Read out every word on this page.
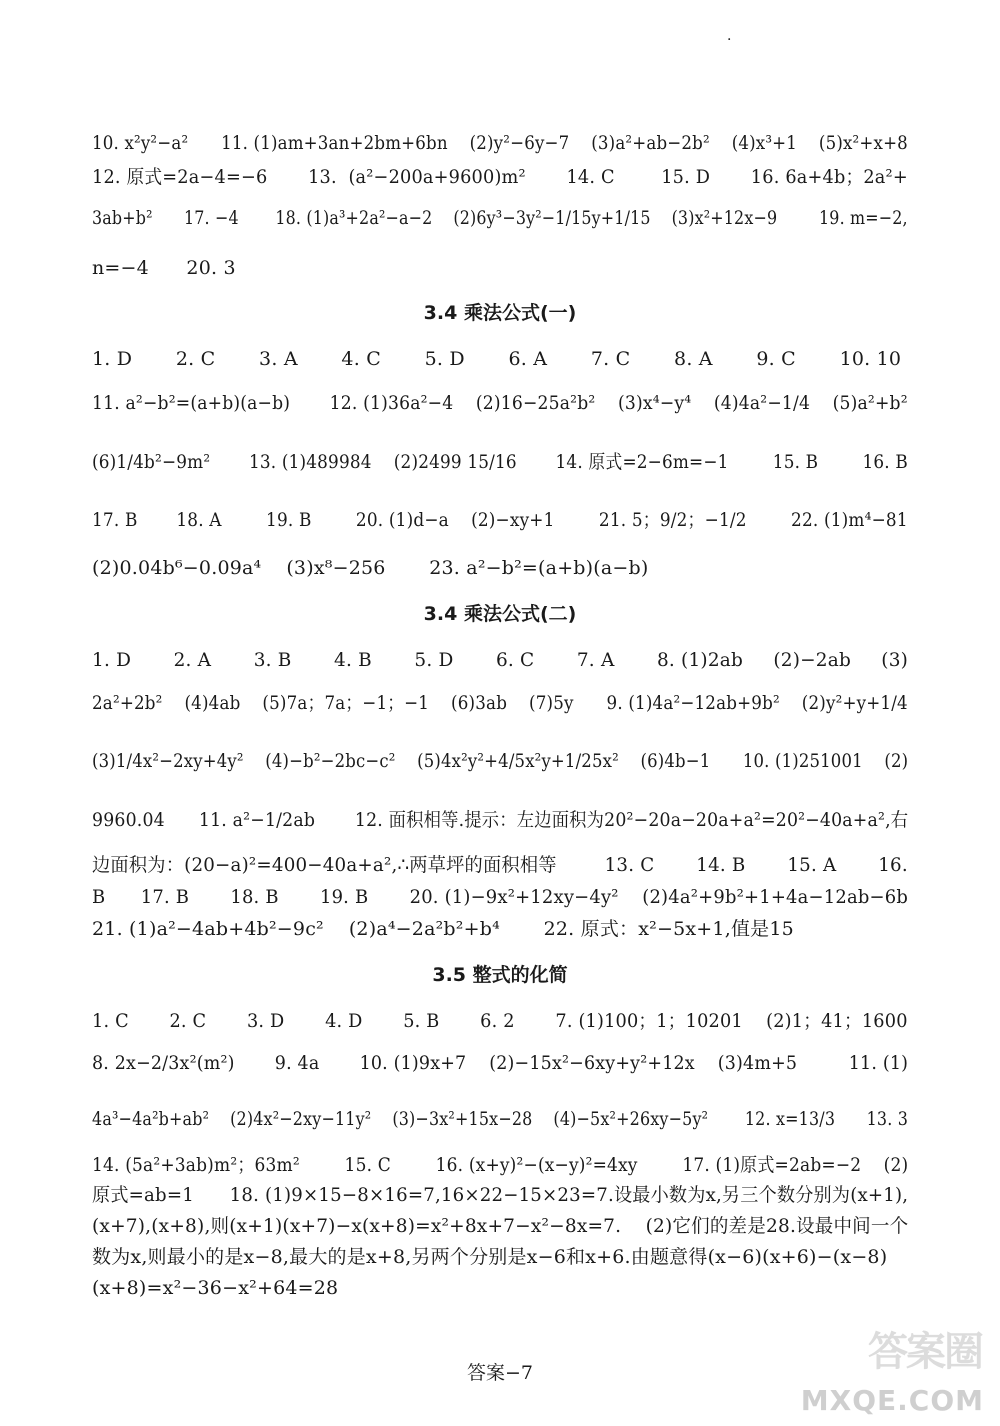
·
10. x²y²−a²      11. (1)am+3an+2bm+6bn    (2)y²−6y−7    (3)a²+ab−2b²    (4)x³+1    (5)x²+x+8
12. 原式=2a−4=−6       13.  (a²−200a+9600)m²       14. C        15. D       16. 6a+4b；2a²+
3ab+b²      17. −4       18. (1)a³+2a²−a−2    (2)6y³−3y²−1/15y+1/15    (3)x²+12x−9        19. m=−2,
n=−4      20. 3
3.4 乘法公式(一)
1. D       2. C       3. A       4. C       5. D       6. A       7. C       8. A       9. C       10. 10
11. a²−b²=(a+b)(a−b)       12. (1)36a²−4    (2)16−25a²b²    (3)x⁴−y⁴    (4)4a²−1/4    (5)a²+b²
(6)1/4b²−9m²       13. (1)489984    (2)2499 15/16       14. 原式=2−6m=−1        15. B        16. B
17. B       18. A        19. B        20. (1)d−a    (2)−xy+1        21. 5；9/2；−1/2        22. (1)m⁴−81
(2)0.04b⁶−0.09a⁴    (3)x⁸−256       23. a²−b²=(a+b)(a−b)
3.4 乘法公式(二)
1. D       2. A       3. B       4. B       5. D       6. C       7. A       8. (1)2ab     (2)−2ab     (3)
2a²+2b²    (4)4ab    (5)7a；7a；−1；−1    (6)3ab    (7)5y      9. (1)4a²−12ab+9b²    (2)y²+y+1/4
(3)1/4x²−2xy+4y²    (4)−b²−2bc−c²    (5)4x²y²+4/5x²y+1/25x²    (6)4b−1      10. (1)251001    (2)
9960.04      11. a²−1/2ab       12. 面积相等.提示：左边面积为20²−20a−20a+a²=20²−40a+a²,右
边面积为：(20−a)²=400−40a+a²,∴两草坪的面积相等        13. C       14. B       15. A       16.
B      17. B       18. B       19. B       20. (1)−9x²+12xy−4y²    (2)4a²+9b²+1+4a−12ab−6b
21. (1)a²−4ab+4b²−9c²    (2)a⁴−2a²b²+b⁴       22. 原式：x²−5x+1,值是15
3.5 整式的化简
1. C       2. C       3. D       4. D       5. B       6. 2       7. (1)100；1；10201    (2)1；41；1600
8. 2x−2/3x²(m²)       9. 4a       10. (1)9x+7    (2)−15x²−6xy+y²+12x    (3)4m+5         11. (1)
4a³−4a²b+ab²    (2)4x²−2xy−11y²    (3)−3x²+15x−28    (4)−5x²+26xy−5y²       12. x=13/3      13. 3
14. (5a²+3ab)m²；63m²        15. C        16. (x+y)²−(x−y)²=4xy        17. (1)原式=2ab=−2    (2)
原式=ab=1      18. (1)9×15−8×16=7,16×22−15×23=7.设最小数为x,另三个数分别为(x+1),
(x+7),(x+8),则(x+1)(x+7)−x(x+8)=x²+8x+7−x²−8x=7.    (2)它们的差是28.设最中间一个
数为x,则最小的是x−8,最大的是x+8,另两个分别是x−6和x+6.由题意得(x−6)(x+6)−(x−8)
(x+8)=x²−36−x²+64=28
答案−7	答案圈
MXQE.COM
